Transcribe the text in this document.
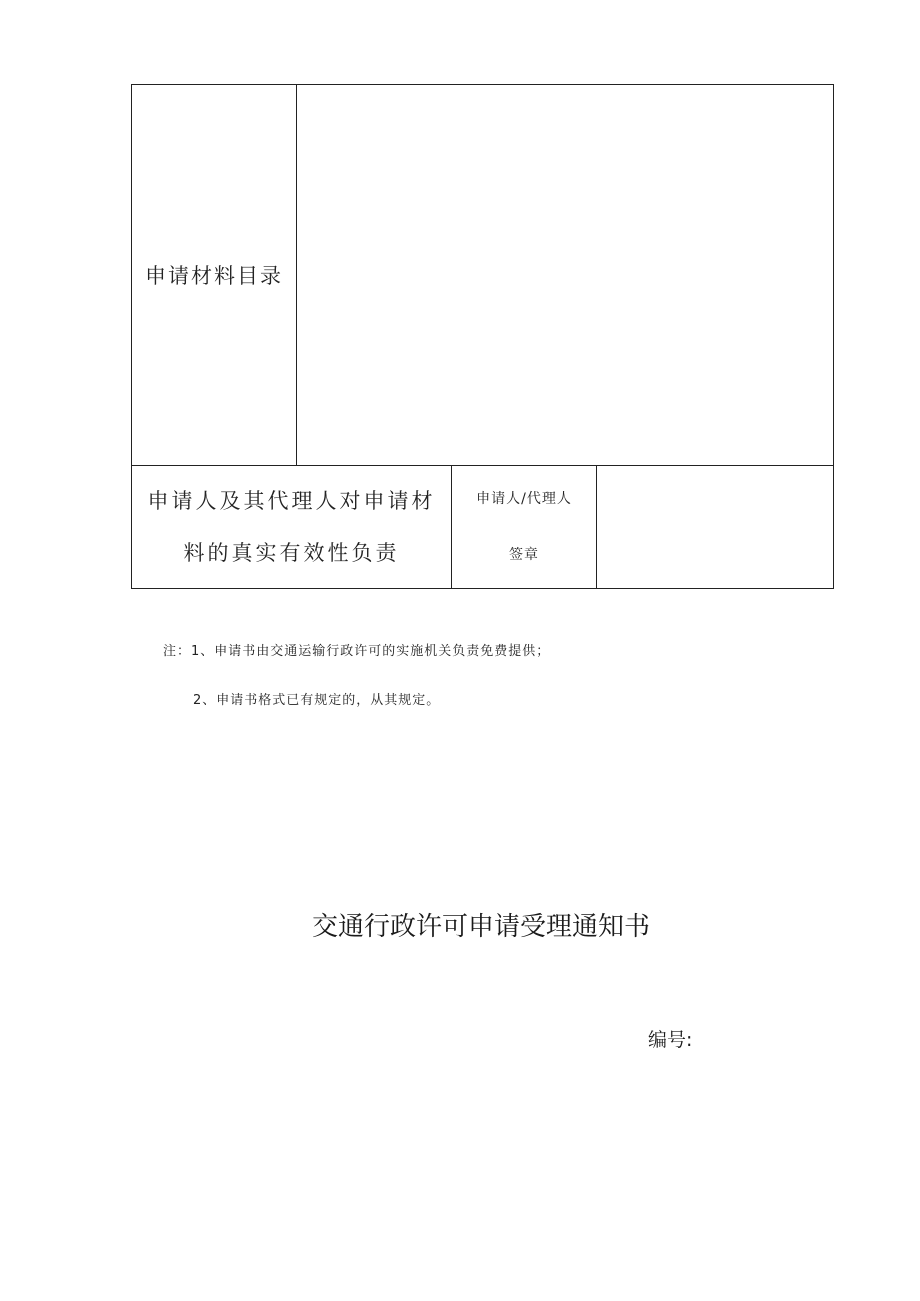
申请材料目录			

申请人及其代理人对申请材
料的真实有效性负责		申请人/代理人
签章	

注：1、申请书由交通运输行政许可的实施机关负责免费提供；
2、申请书格式已有规定的，从其规定。
交通行政许可申请受理通知书
编号:
